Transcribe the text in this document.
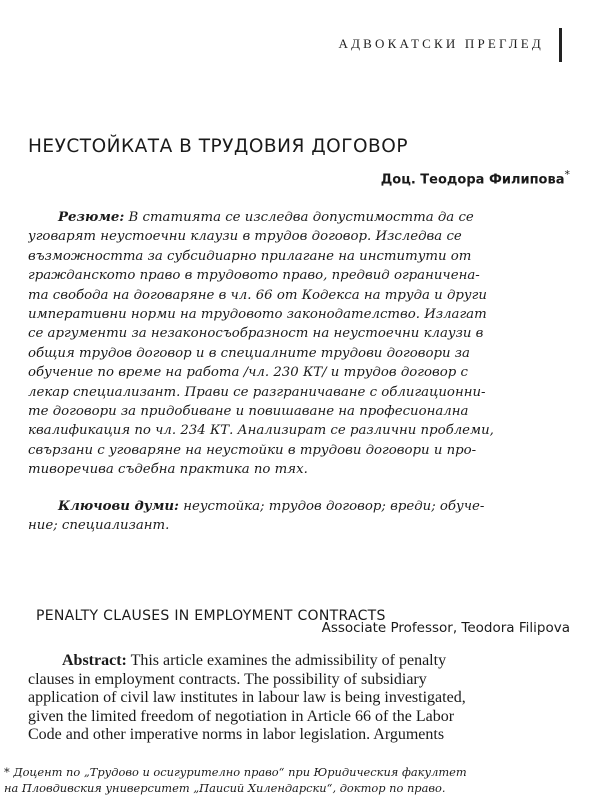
АДВОКАТСКИ ПРЕГЛЕД
НЕУСТОЙКАТА В ТРУДОВИЯ ДОГОВОР
Доц. Теодора Филипова*
Резюме: В статията се изследва допустимостта да се
уговарят неустоечни клаузи в трудов договор. Изследва се
възможността за субсидиарно прилагане на институти от
гражданското право в трудовото право, предвид ограничена-
та свобода на договаряне в чл. 66 от Кодекса на труда и други
императивни норми на трудовото законодателство. Излагат
се аргументи за незаконосъобразност на неустоечни клаузи в
общия трудов договор и в специалните трудови договори за
обучение по време на работа /чл. 230 КТ/ и трудов договор с
лекар специализант. Прави се разграничаване с облигационни-
те договори за придобиване и повишаване на професионална
квалификация по чл. 234 КТ. Анализират се различни проблеми,
свързани с уговаряне на неустойки в трудови договори и про-
тиворечива съдебна практика по тях.
Ключови думи: неустойка; трудов договор; вреди; обуче-
ние; специализант.
PENALTY CLAUSES IN EMPLOYMENT CONTRACTS
Associate Professor, Teodora Filipova
Abstract: This article examines the admissibility of penalty
clauses in employment contracts. The possibility of subsidiary
application of civil law institutes in labour law is being investigated,
given the limited freedom of negotiation in Article 66 of the Labor
Code and other imperative norms in labor legislation. Arguments
* Доцент по „Трудово и осигурително право“ при Юридическия факултет
на Пловдивския университет „Паисий Хилендарски“, доктор по право.
